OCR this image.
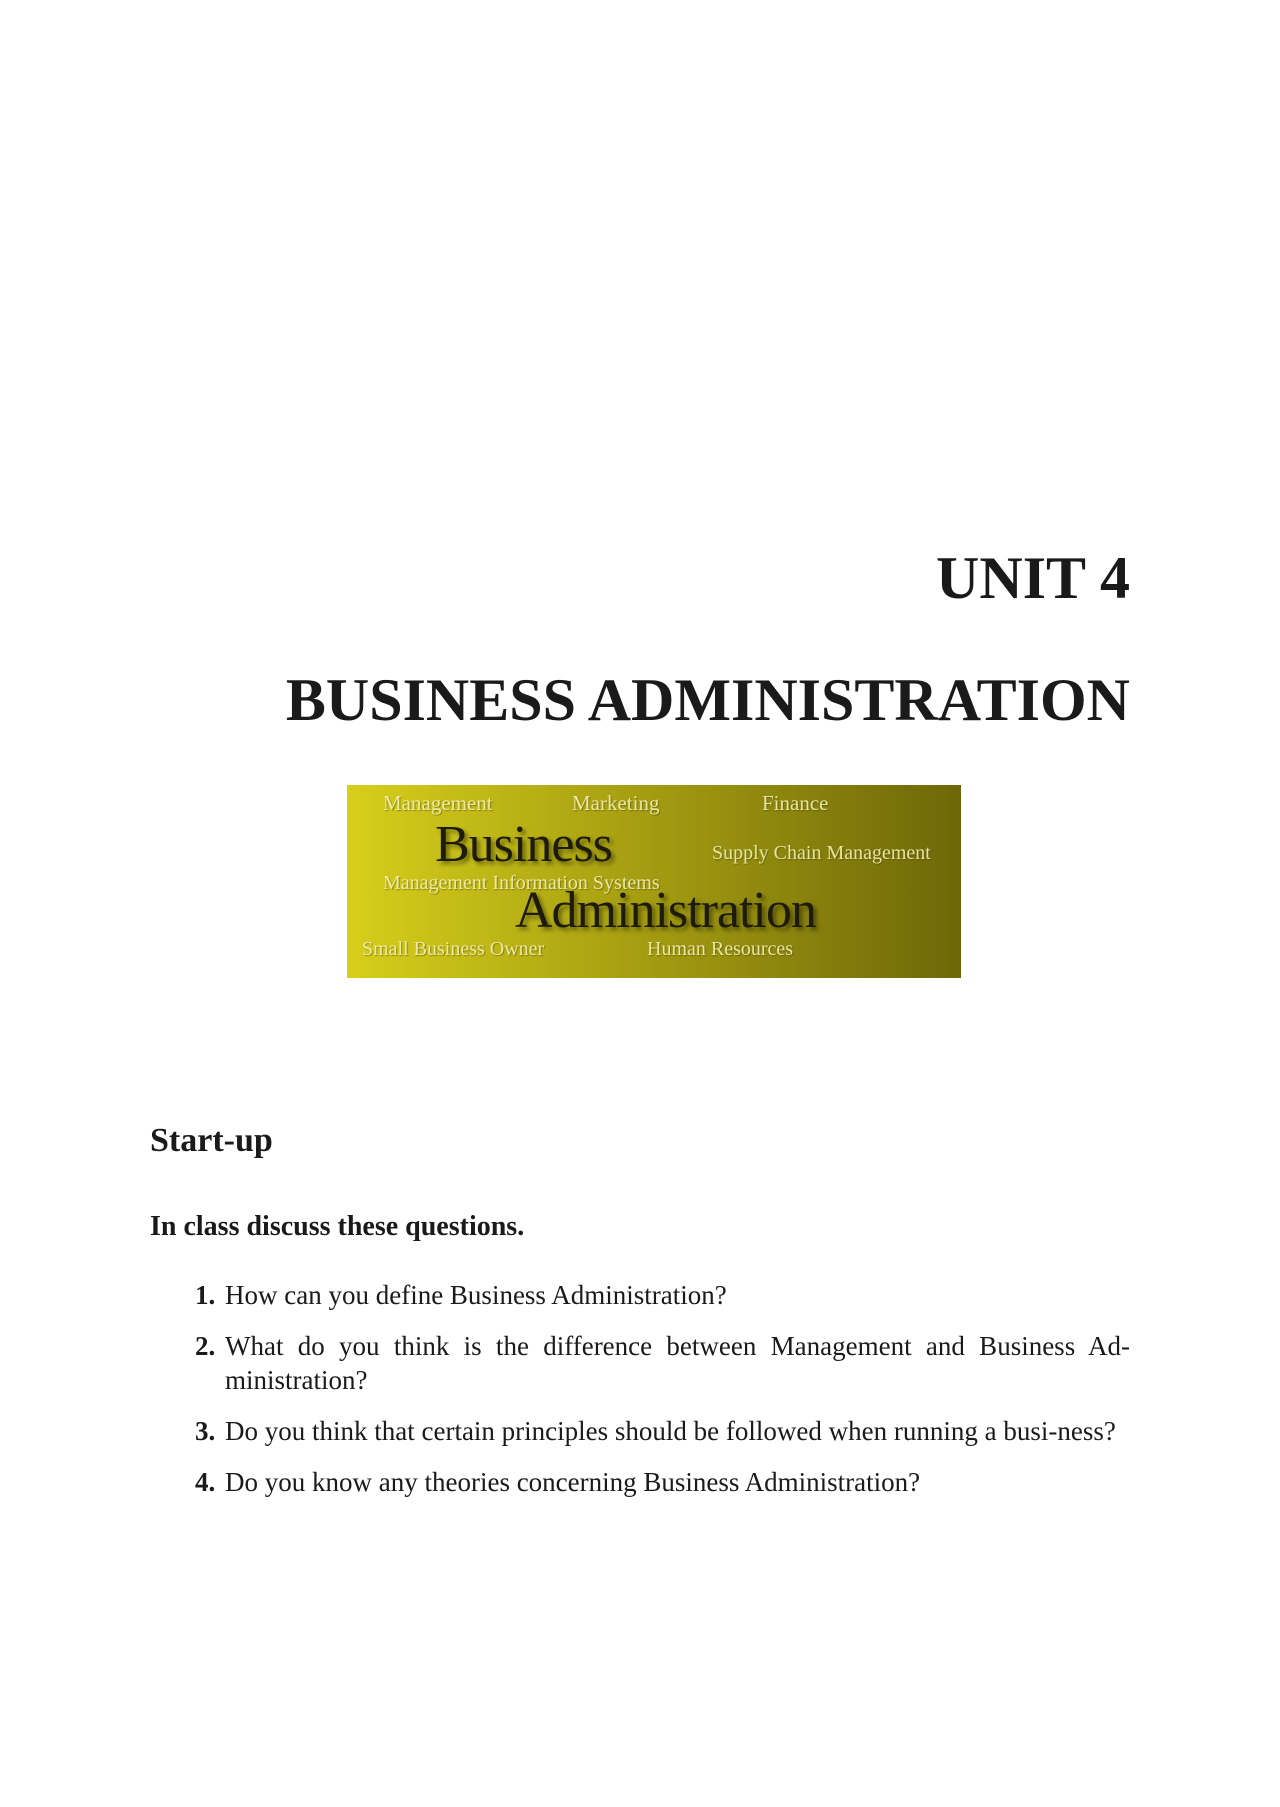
UNIT 4
BUSINESS ADMINISTRATION
Management	Marketing	Finance
Business	Supply Chain Management
Management Information Systems
Administration
Small Business Owner	Human Resources
Start-up

In class discuss these questions.

1. How can you define Business Administration?
2. What do you think is the difference between Management and Business Ad-ministration?
3. Do you think that certain principles should be followed when running a busi-ness?
4. Do you know any theories concerning Business Administration?
